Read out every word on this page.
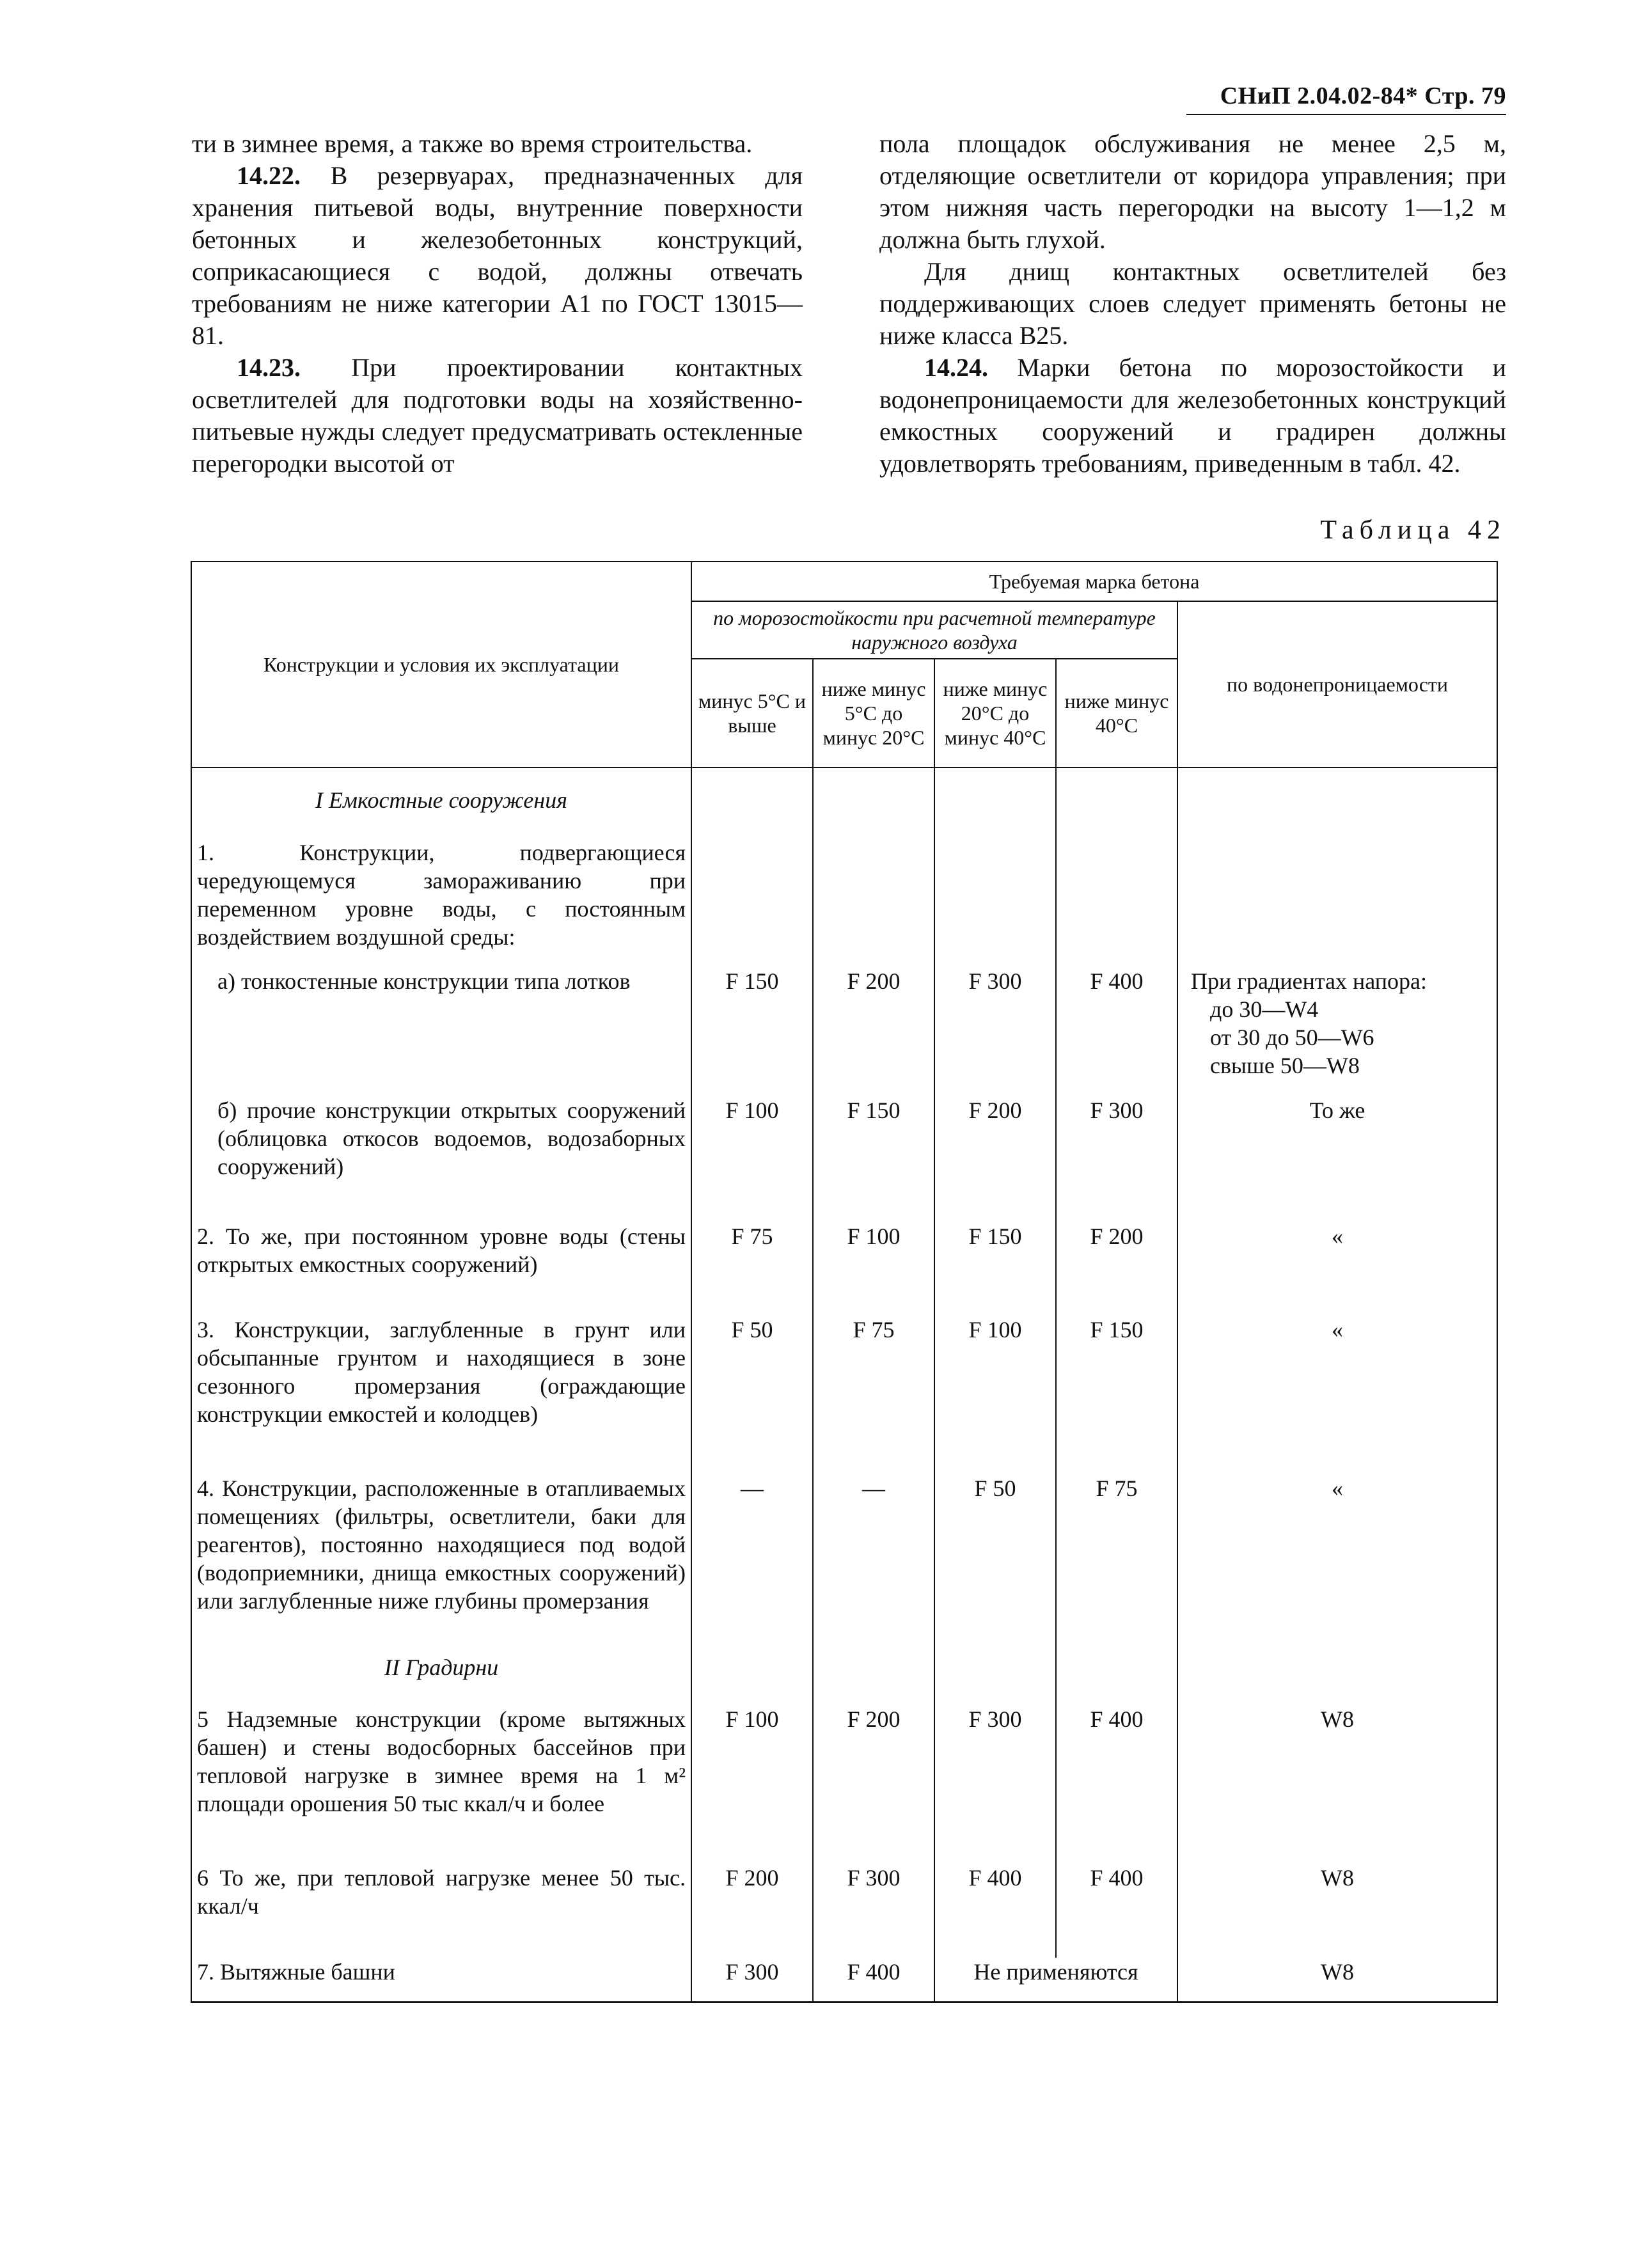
СНиП 2.04.02-84* Стр. 79

ти в зимнее время, а также во время строительства.

14.22. В резервуарах, предназначенных для хранения питьевой воды, внутренние поверхности бетонных и железобетонных конструкций, соприкасающиеся с водой, должны отвечать требованиям не ниже категории А1 по ГОСТ 13015—81.

14.23. При проектировании контактных осветлителей для подготовки воды на хозяйственно-питьевые нужды следует предусматривать остекленные перегородки высотой от

пола площадок обслуживания не менее 2,5 м, отделяющие осветлители от коридора управления; при этом нижняя часть перегородки на высоту 1—1,2 м должна быть глухой.

Для днищ контактных осветлителей без поддерживающих слоев следует применять бетоны не ниже класса В25.

14.24. Марки бетона по морозостойкости и водонепроницаемости для железобетонных конструкций емкостных сооружений и градирен должны удовлетворять требованиям, приведенным в табл. 42.

Таблица 42
Конструкции и условия их эксплуатации	Требуемая марка бетона				
	по морозостойкости при расчетной температуре наружного воздуха				по водонепроницаемости
	минус 5°С и выше	ниже минус 5°С до минус 20°С	ниже минус 20°С до минус 40°С	ниже минус 40°С	
I Емкостные сооружения					
1. Конструкции, подвергающиеся чередующемуся замораживанию при переменном уровне воды, с постоянным воздействием воздушной среды:					
а) тонкостенные конструкции типа лотков	F 150	F 200	F 300	F 400	При градиентах напора:
до 30—W4
от 30 до 50—W6
свыше 50—W8

б) прочие конструкции открытых сооружений (облицовка откосов водоемов, водозаборных сооружений)	F 100	F 150	F 200	F 300	То же

2. То же, при постоянном уровне воды (стены открытых емкостных сооружений)	F 75	F 100	F 150	F 200	«

3. Конструкции, заглубленные в грунт или обсыпанные грунтом и находящиеся в зоне сезонного промерзания (ограждающие конструкции емкостей и колодцев)	F 50	F 75	F 100	F 150	«

4. Конструкции, расположенные в отапливаемых помещениях (фильтры, осветлители, баки для реагентов), постоянно находящиеся под водой (водоприемники, днища емкостных сооружений) или заглубленные ниже глубины промерзания	—	—	F 50	F 75	«
II Градирни					
5 Надземные конструкции (кроме вытяжных башен) и стены водосборных бассейнов при тепловой нагрузке в зимнее время на 1 м² площади орошения 50 тыс ккал/ч и более	F 100	F 200	F 300	F 400	W8

6 То же, при тепловой нагрузке менее 50 тыс. ккал/ч	F 200	F 300	F 400	F 400	W8

7. Вытяжные башни	F 300	F 400	Не применяются		W8
